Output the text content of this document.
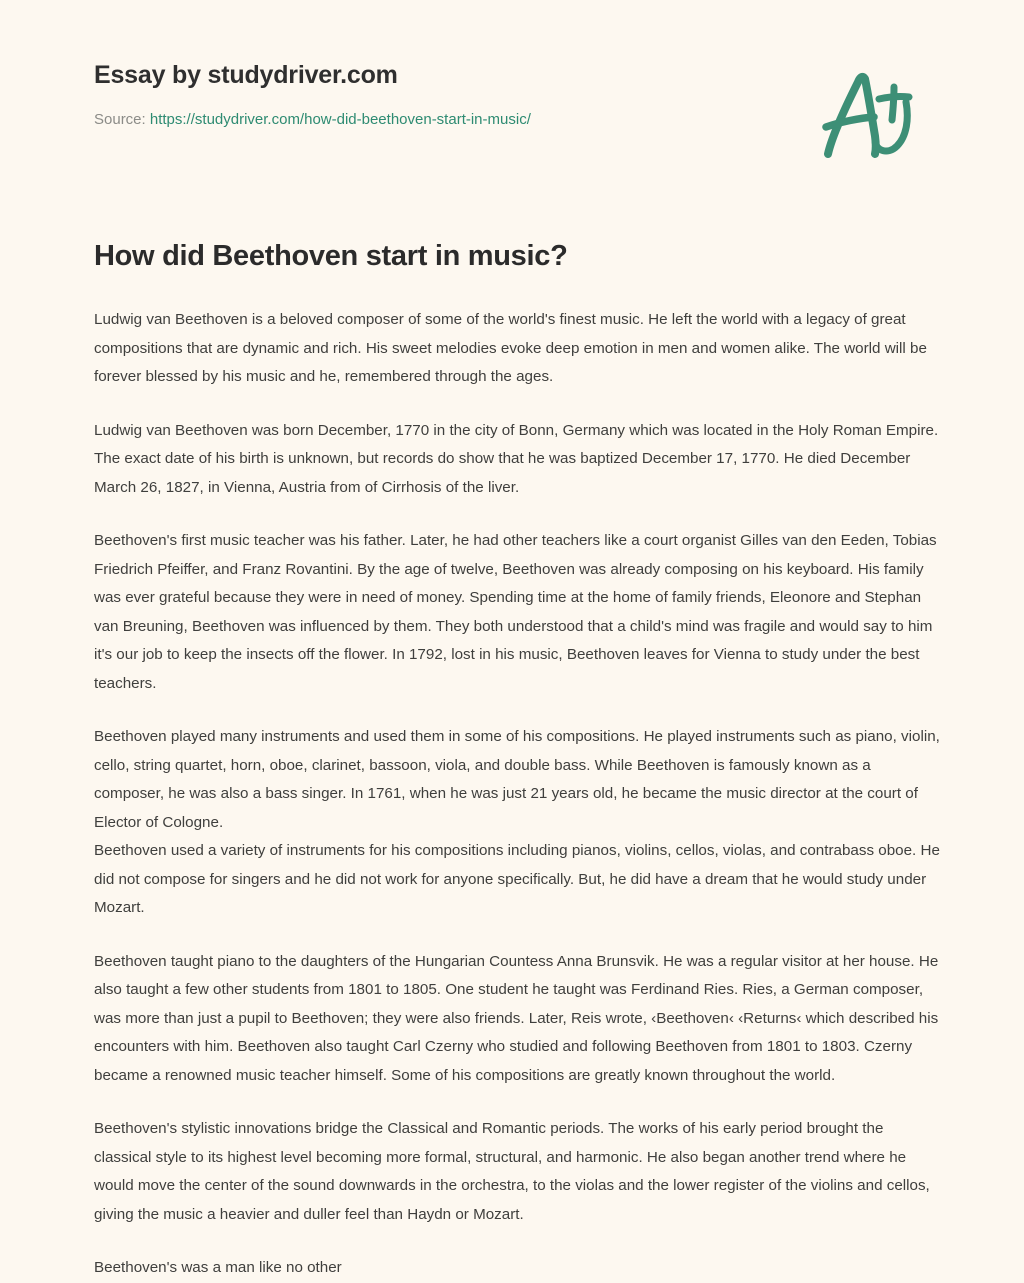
Essay by studydriver.com
Source: https://studydriver.com/how-did-beethoven-start-in-music/
How did Beethoven start in music?

Ludwig van Beethoven is a beloved composer of some of the world's finest music. He left the world with a legacy of great compositions that are dynamic and rich. His sweet melodies evoke deep emotion in men and women alike. The world will be forever blessed by his music and he, remembered through the ages.

Ludwig van Beethoven was born December, 1770 in the city of Bonn, Germany which was located in the Holy Roman Empire. The exact date of his birth is unknown, but records do show that he was baptized December 17, 1770. He died December March 26, 1827, in Vienna, Austria from of Cirrhosis of the liver.

Beethoven's first music teacher was his father. Later, he had other teachers like a court organist Gilles van den Eeden, Tobias Friedrich Pfeiffer, and Franz Rovantini. By the age of twelve, Beethoven was already composing on his keyboard. His family was ever grateful because they were in need of money. Spending time at the home of family friends, Eleonore and Stephan van Breuning, Beethoven was influenced by them. They both understood that a child's mind was fragile and would say to him it's our job to keep the insects off the flower. In 1792, lost in his music, Beethoven leaves for Vienna to study under the best teachers.

Beethoven played many instruments and used them in some of his compositions. He played instruments such as piano, violin, cello, string quartet, horn, oboe, clarinet, bassoon, viola, and double bass. While Beethoven is famously known as a composer, he was also a bass singer. In 1761, when he was just 21 years old, he became the music director at the court of Elector of Cologne.
Beethoven used a variety of instruments for his compositions including pianos, violins, cellos, violas, and contrabass oboe. He did not compose for singers and he did not work for anyone specifically. But, he did have a dream that he would study under Mozart.

Beethoven taught piano to the daughters of the Hungarian Countess Anna Brunsvik. He was a regular visitor at her house. He also taught a few other students from 1801 to 1805. One student he taught was Ferdinand Ries. Ries, a German composer, was more than just a pupil to Beethoven; they were also friends. Later, Reis wrote, ‹Beethoven‹ ‹Returns‹ which described his encounters with him. Beethoven also taught Carl Czerny who studied and following Beethoven from 1801 to 1803. Czerny became a renowned music teacher himself. Some of his compositions are greatly known throughout the world.

Beethoven's stylistic innovations bridge the Classical and Romantic periods. The works of his early period brought the classical style to its highest level becoming more formal, structural, and harmonic. He also began another trend where he would move the center of the sound downwards in the orchestra, to the violas and the lower register of the violins and cellos, giving the music a heavier and duller feel than Haydn or Mozart.

Beethoven's was a man like no other
